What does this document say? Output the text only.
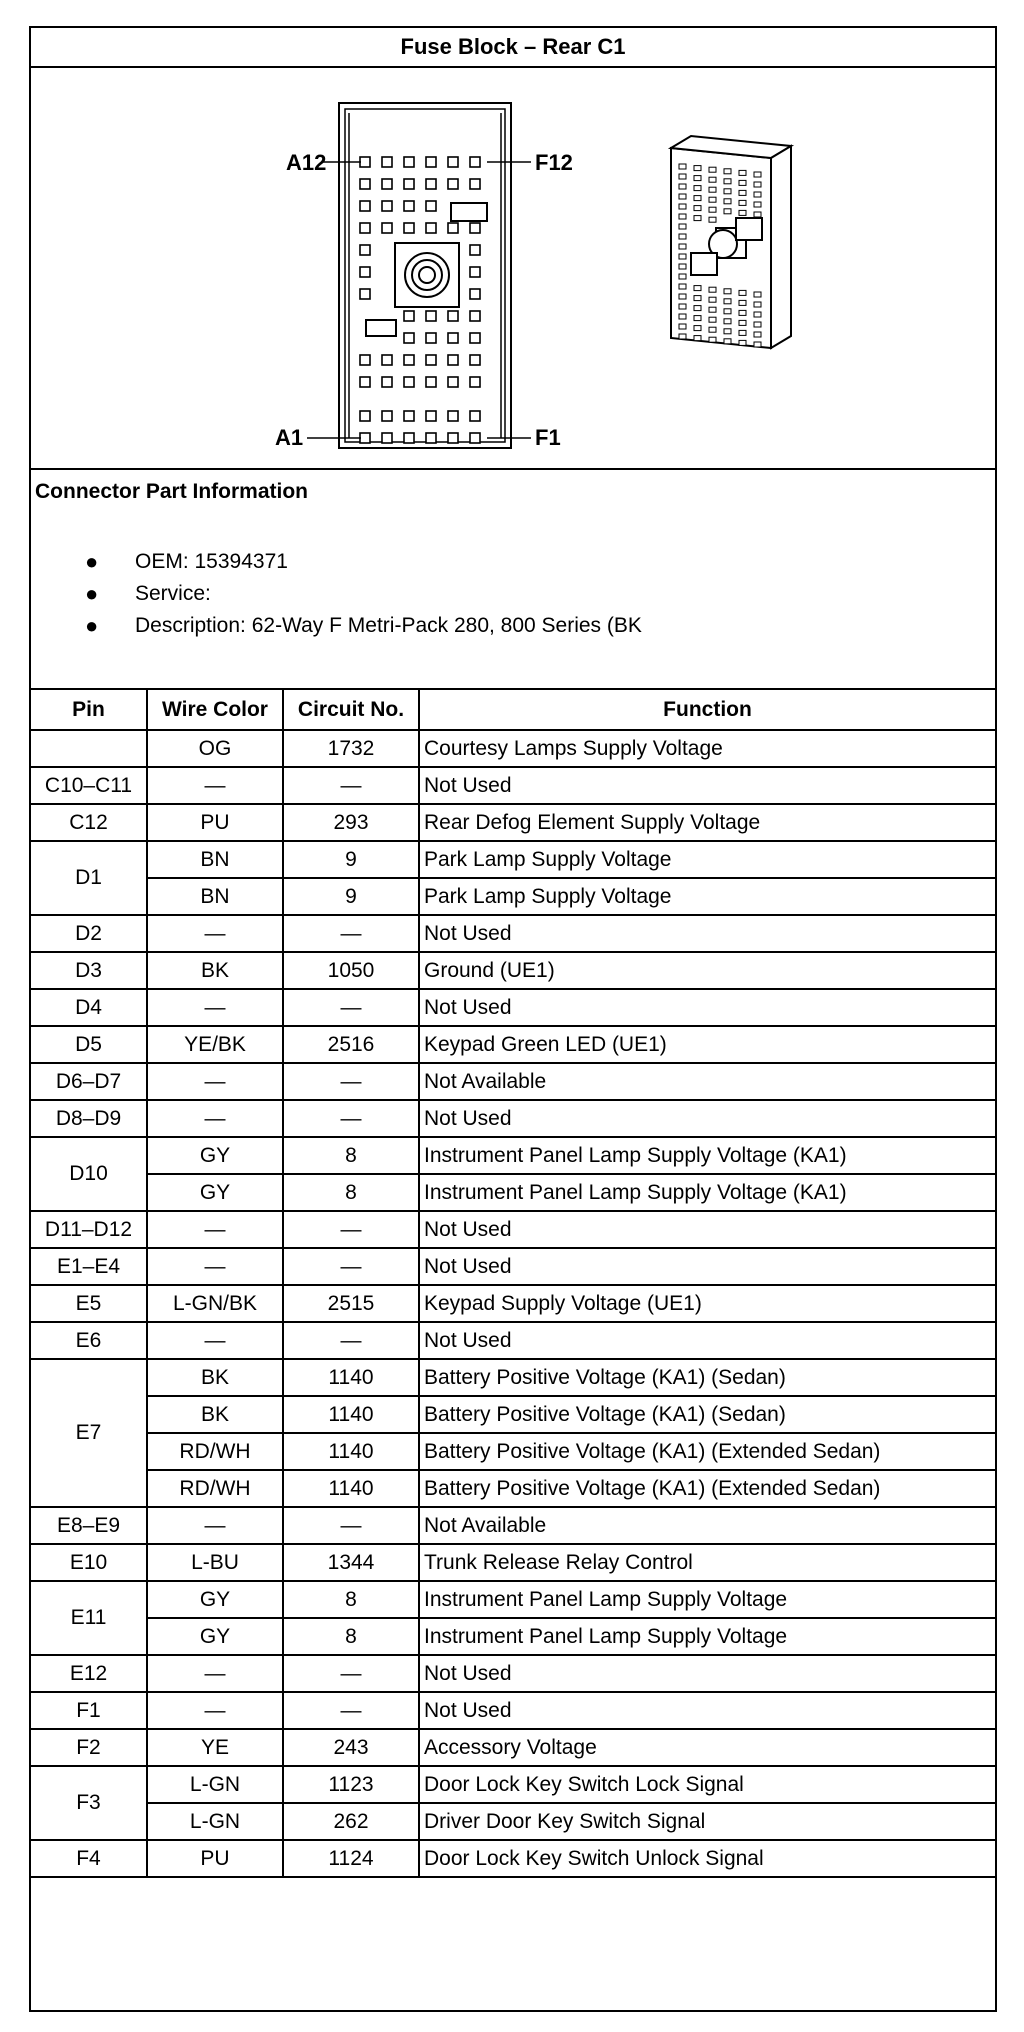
Fuse Block – Rear C1
A12	F12
A1	F1
Connector Part Information
● OEM: 15394371
● Service:
● Description: 62-Way F Metri-Pack 280, 800 Series (BK
Pin	Wire Color	Circuit No.	Function
	OG	1732	Courtesy Lamps Supply Voltage
C10–C11	—	—	Not Used
C12	PU	293	Rear Defog Element Supply Voltage
D1	BN	9	Park Lamp Supply Voltage
	BN	9	Park Lamp Supply Voltage
D2	—	—	Not Used
D3	BK	1050	Ground (UE1)
D4	—	—	Not Used
D5	YE/BK	2516	Keypad Green LED (UE1)
D6–D7	—	—	Not Available
D8–D9	—	—	Not Used
D10	GY	8	Instrument Panel Lamp Supply Voltage (KA1)
	GY	8	Instrument Panel Lamp Supply Voltage (KA1)
D11–D12	—	—	Not Used
E1–E4	—	—	Not Used
E5	L-GN/BK	2515	Keypad Supply Voltage (UE1)
E6	—	—	Not Used
E7	BK	1140	Battery Positive Voltage (KA1) (Sedan)
	BK	1140	Battery Positive Voltage (KA1) (Sedan)
	RD/WH	1140	Battery Positive Voltage (KA1) (Extended Sedan)
	RD/WH	1140	Battery Positive Voltage (KA1) (Extended Sedan)
E8–E9	—	—	Not Available
E10	L-BU	1344	Trunk Release Relay Control
E11	GY	8	Instrument Panel Lamp Supply Voltage
	GY	8	Instrument Panel Lamp Supply Voltage
E12	—	—	Not Used
F1	—	—	Not Used
F2	YE	243	Accessory Voltage
F3	L-GN	1123	Door Lock Key Switch Lock Signal
	L-GN	262	Driver Door Key Switch Signal
F4	PU	1124	Door Lock Key Switch Unlock Signal
